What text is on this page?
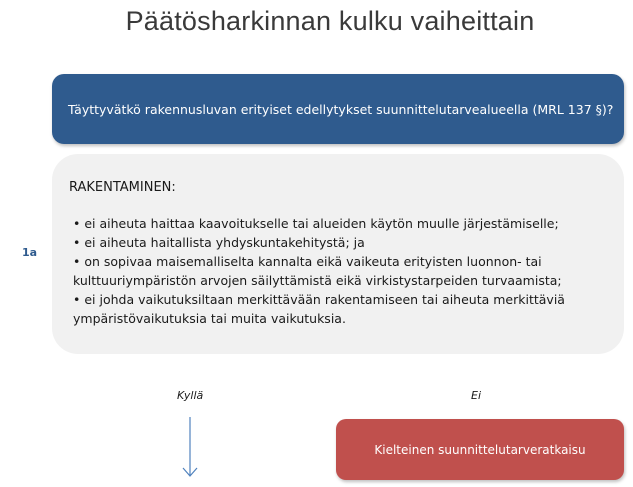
Päätösharkinnan kulku vaiheittain
Täyttyvätkö rakennusluvan erityiset edellytykset suunnittelutarvealueella (MRL 137 §)?
1a
RAKENTAMINEN:
• ei aiheuta haittaa kaavoitukselle tai alueiden käytön muulle järjestämiselle;
• ei aiheuta haitallista yhdyskuntakehitystä; ja
• on sopivaa maisemalliselta kannalta eikä vaikeuta erityisten luonnon- tai
kulttuuriympäristön arvojen säilyttämistä eikä virkistystarpeiden turvaamista;
• ei johda vaikutuksiltaan merkittävään rakentamiseen tai aiheuta merkittäviä
ympäristövaikutuksia tai muita vaikutuksia.
Kyllä	Ei
Kielteinen suunnittelutarveratkaisu
